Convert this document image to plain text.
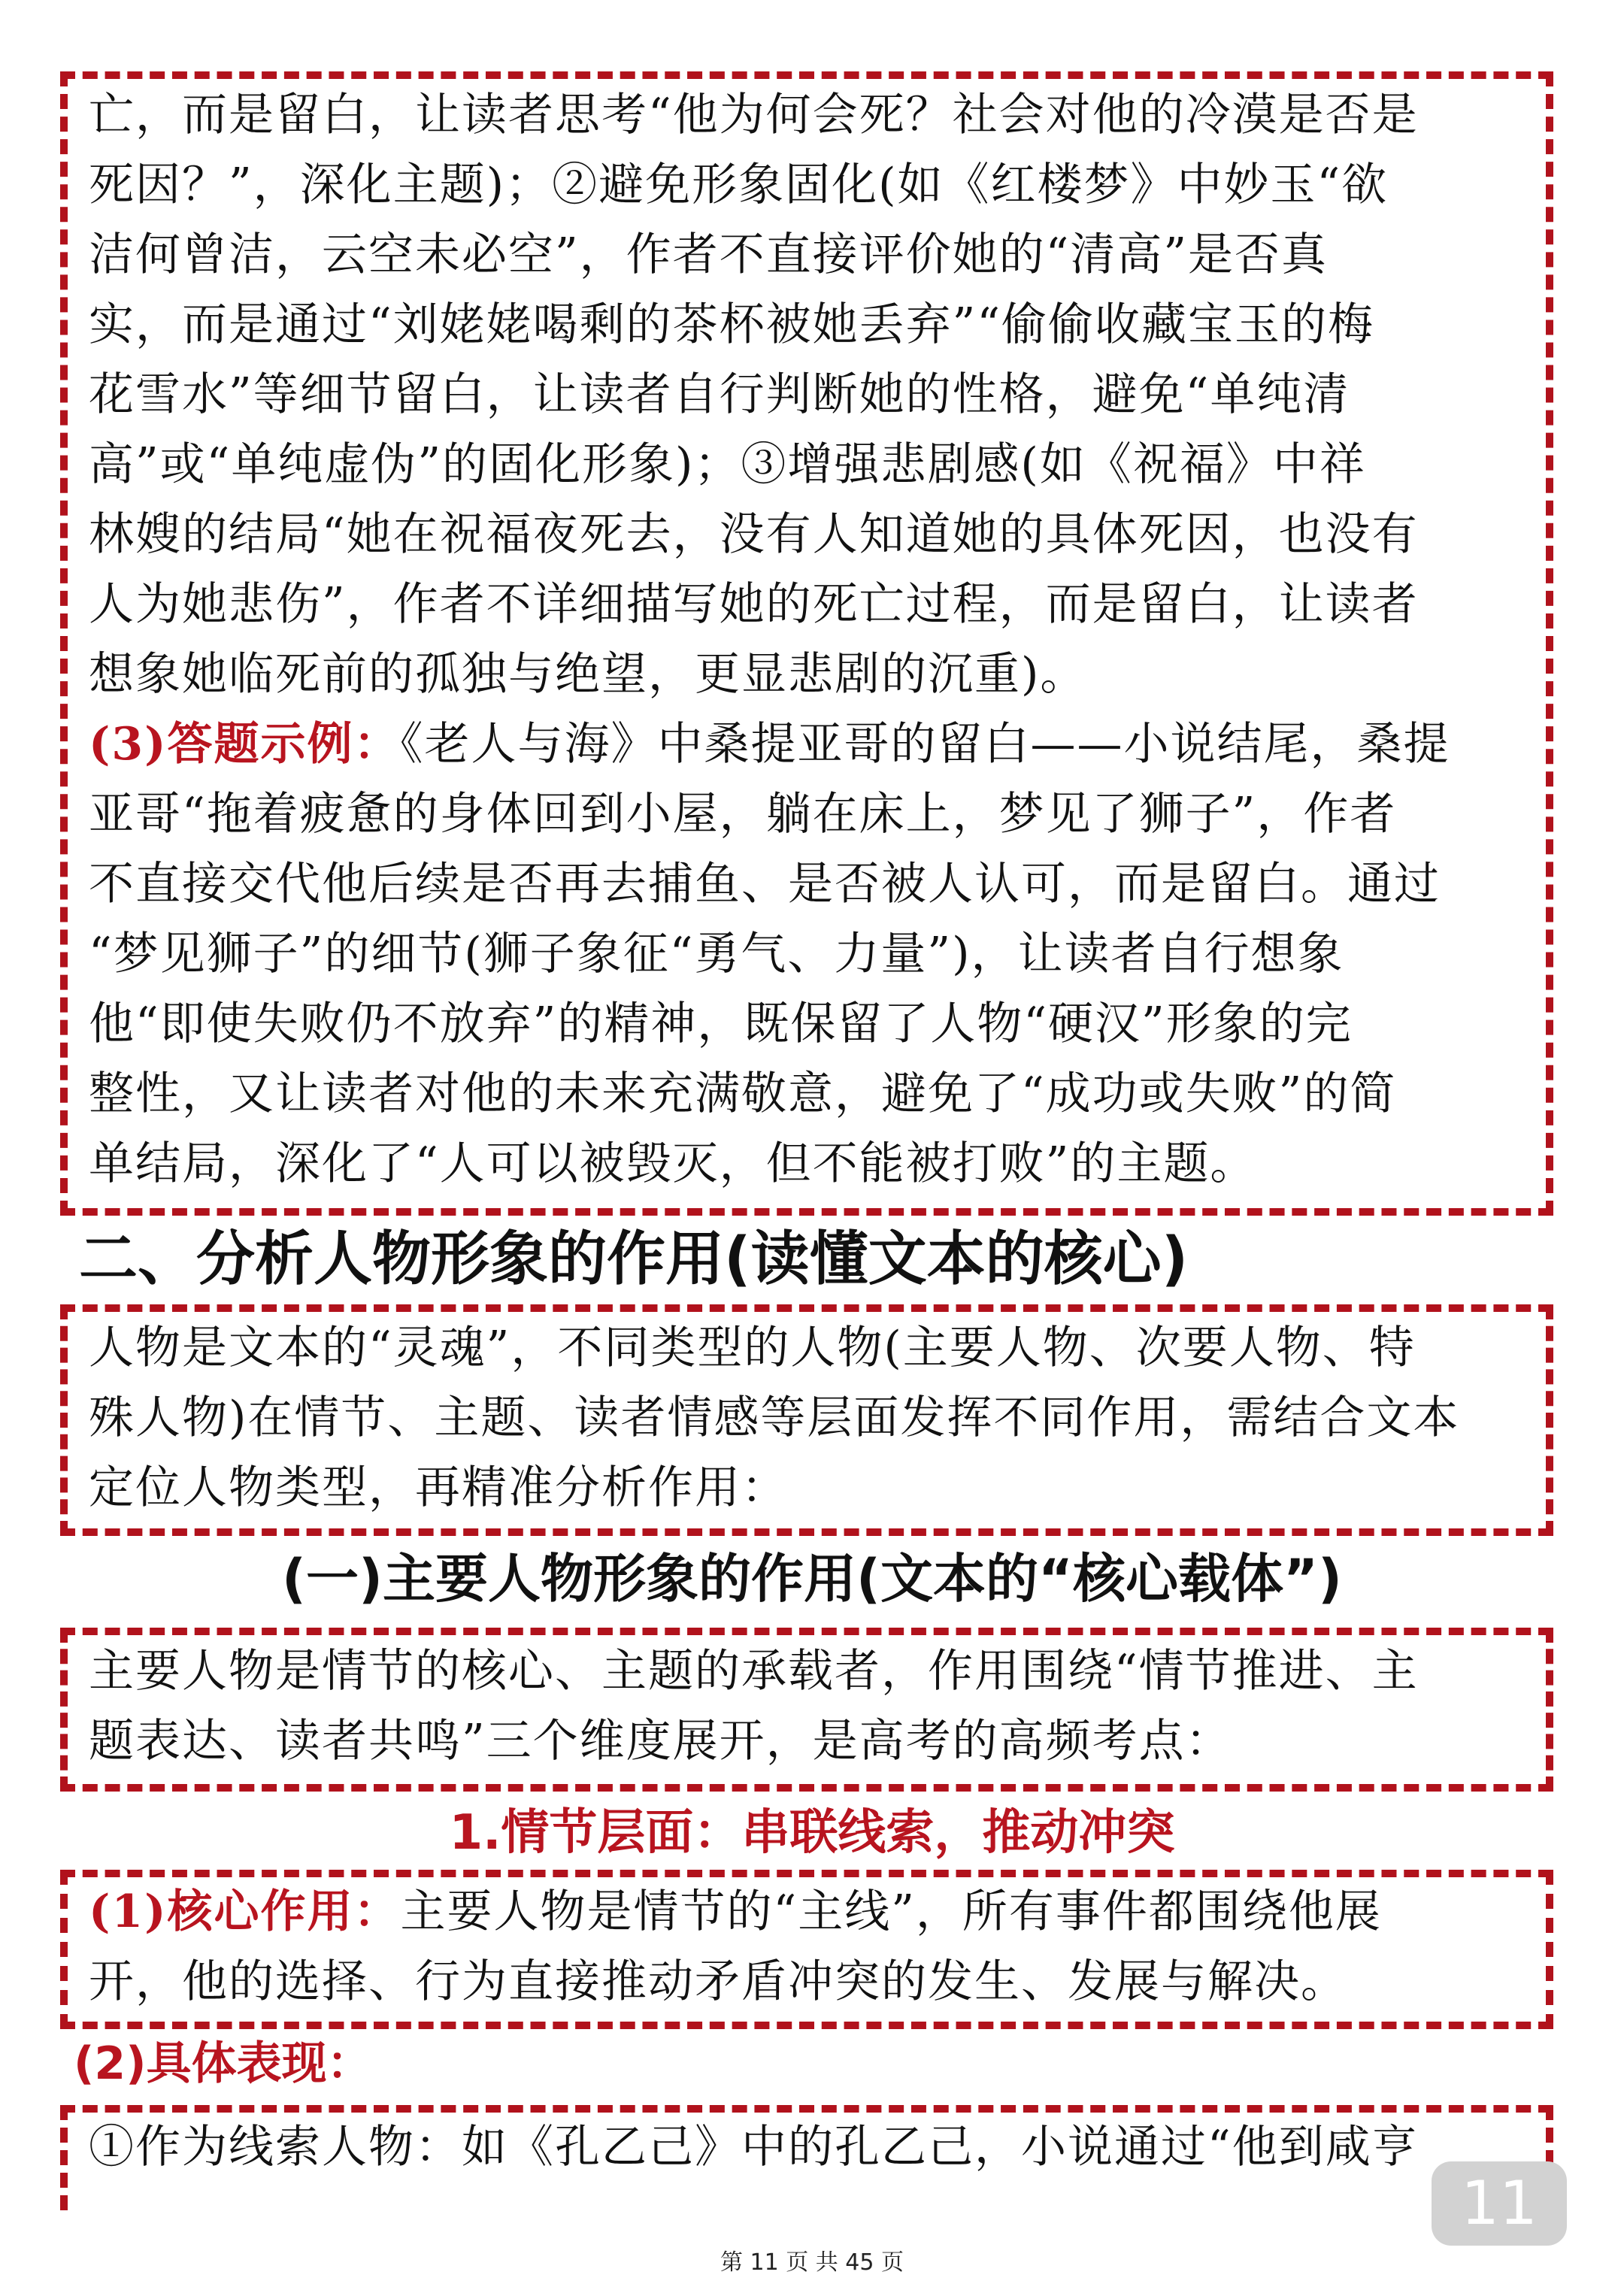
亡，而是留白，让读者思考“他为何会死？社会对他的冷漠是否是
死因？”，深化主题)；②避免形象固化(如《红楼梦》中妙玉“欲
洁何曾洁，云空未必空”，作者不直接评价她的“清高”是否真
实，而是通过“刘姥姥喝剩的茶杯被她丢弃”“偷偷收藏宝玉的梅
花雪水”等细节留白，让读者自行判断她的性格，避免“单纯清
高”或“单纯虚伪”的固化形象)；③增强悲剧感(如《祝福》中祥
林嫂的结局“她在祝福夜死去，没有人知道她的具体死因，也没有
人为她悲伤”，作者不详细描写她的死亡过程，而是留白，让读者
想象她临死前的孤独与绝望，更显悲剧的沉重)。
(3)答题示例：《老人与海》中桑提亚哥的留白——小说结尾，桑提
亚哥“拖着疲惫的身体回到小屋，躺在床上，梦见了狮子”，作者
不直接交代他后续是否再去捕鱼、是否被人认可，而是留白。通过
“梦见狮子”的细节(狮子象征“勇气、力量”)，让读者自行想象
他“即使失败仍不放弃”的精神，既保留了人物“硬汉”形象的完
整性，又让读者对他的未来充满敬意，避免了“成功或失败”的简
单结局，深化了“人可以被毁灭，但不能被打败”的主题。
二、分析人物形象的作用(读懂文本的核心)
人物是文本的“灵魂”，不同类型的人物(主要人物、次要人物、特
殊人物)在情节、主题、读者情感等层面发挥不同作用，需结合文本
定位人物类型，再精准分析作用：
(一)主要人物形象的作用(文本的“核心载体”)
主要人物是情节的核心、主题的承载者，作用围绕“情节推进、主
题表达、读者共鸣”三个维度展开，是高考的高频考点：
1.情节层面：串联线索，推动冲突
(1)核心作用：主要人物是情节的“主线”，所有事件都围绕他展
开，他的选择、行为直接推动矛盾冲突的发生、发展与解决。
(2)具体表现：
①作为线索人物：如《孔乙己》中的孔乙己，小说通过“他到咸亨
11
第 11 页 共 45 页
